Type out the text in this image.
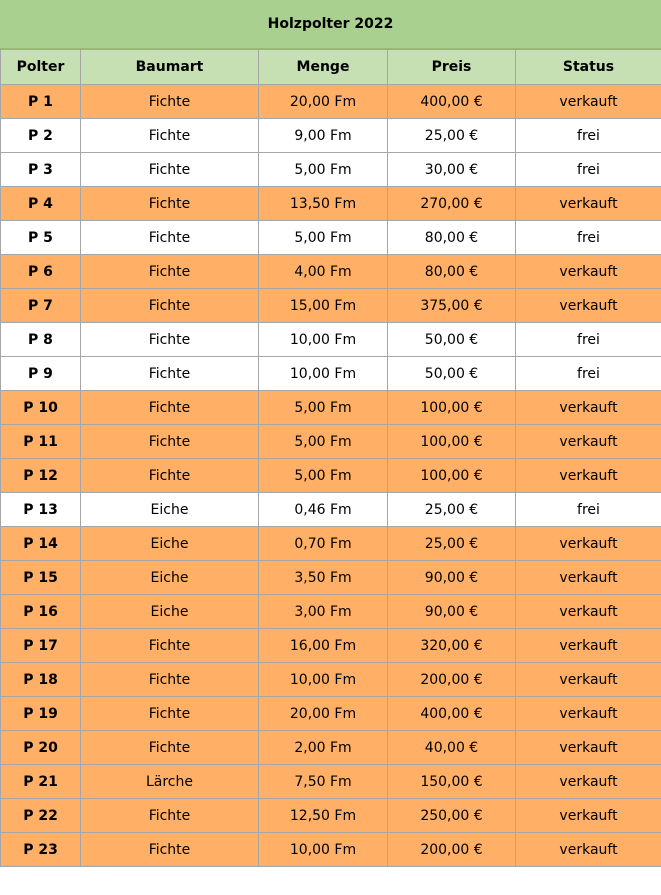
Holzpolter 2022
Polter	Baumart	Menge	Preis	Status
P 1	Fichte	20,00 Fm	400,00 €	verkauft
P 2	Fichte	9,00 Fm	25,00 €	frei
P 3	Fichte	5,00 Fm	30,00 €	frei
P 4	Fichte	13,50 Fm	270,00 €	verkauft
P 5	Fichte	5,00 Fm	80,00 €	frei
P 6	Fichte	4,00 Fm	80,00 €	verkauft
P 7	Fichte	15,00 Fm	375,00 €	verkauft
P 8	Fichte	10,00 Fm	50,00 €	frei
P 9	Fichte	10,00 Fm	50,00 €	frei
P 10	Fichte	5,00 Fm	100,00 €	verkauft
P 11	Fichte	5,00 Fm	100,00 €	verkauft
P 12	Fichte	5,00 Fm	100,00 €	verkauft
P 13	Eiche	0,46 Fm	25,00 €	frei
P 14	Eiche	0,70 Fm	25,00 €	verkauft
P 15	Eiche	3,50 Fm	90,00 €	verkauft
P 16	Eiche	3,00 Fm	90,00 €	verkauft
P 17	Fichte	16,00 Fm	320,00 €	verkauft
P 18	Fichte	10,00 Fm	200,00 €	verkauft
P 19	Fichte	20,00 Fm	400,00 €	verkauft
P 20	Fichte	2,00 Fm	40,00 €	verkauft
P 21	Lärche	7,50 Fm	150,00 €	verkauft
P 22	Fichte	12,50 Fm	250,00 €	verkauft
P 23	Fichte	10,00 Fm	200,00 €	verkauft
